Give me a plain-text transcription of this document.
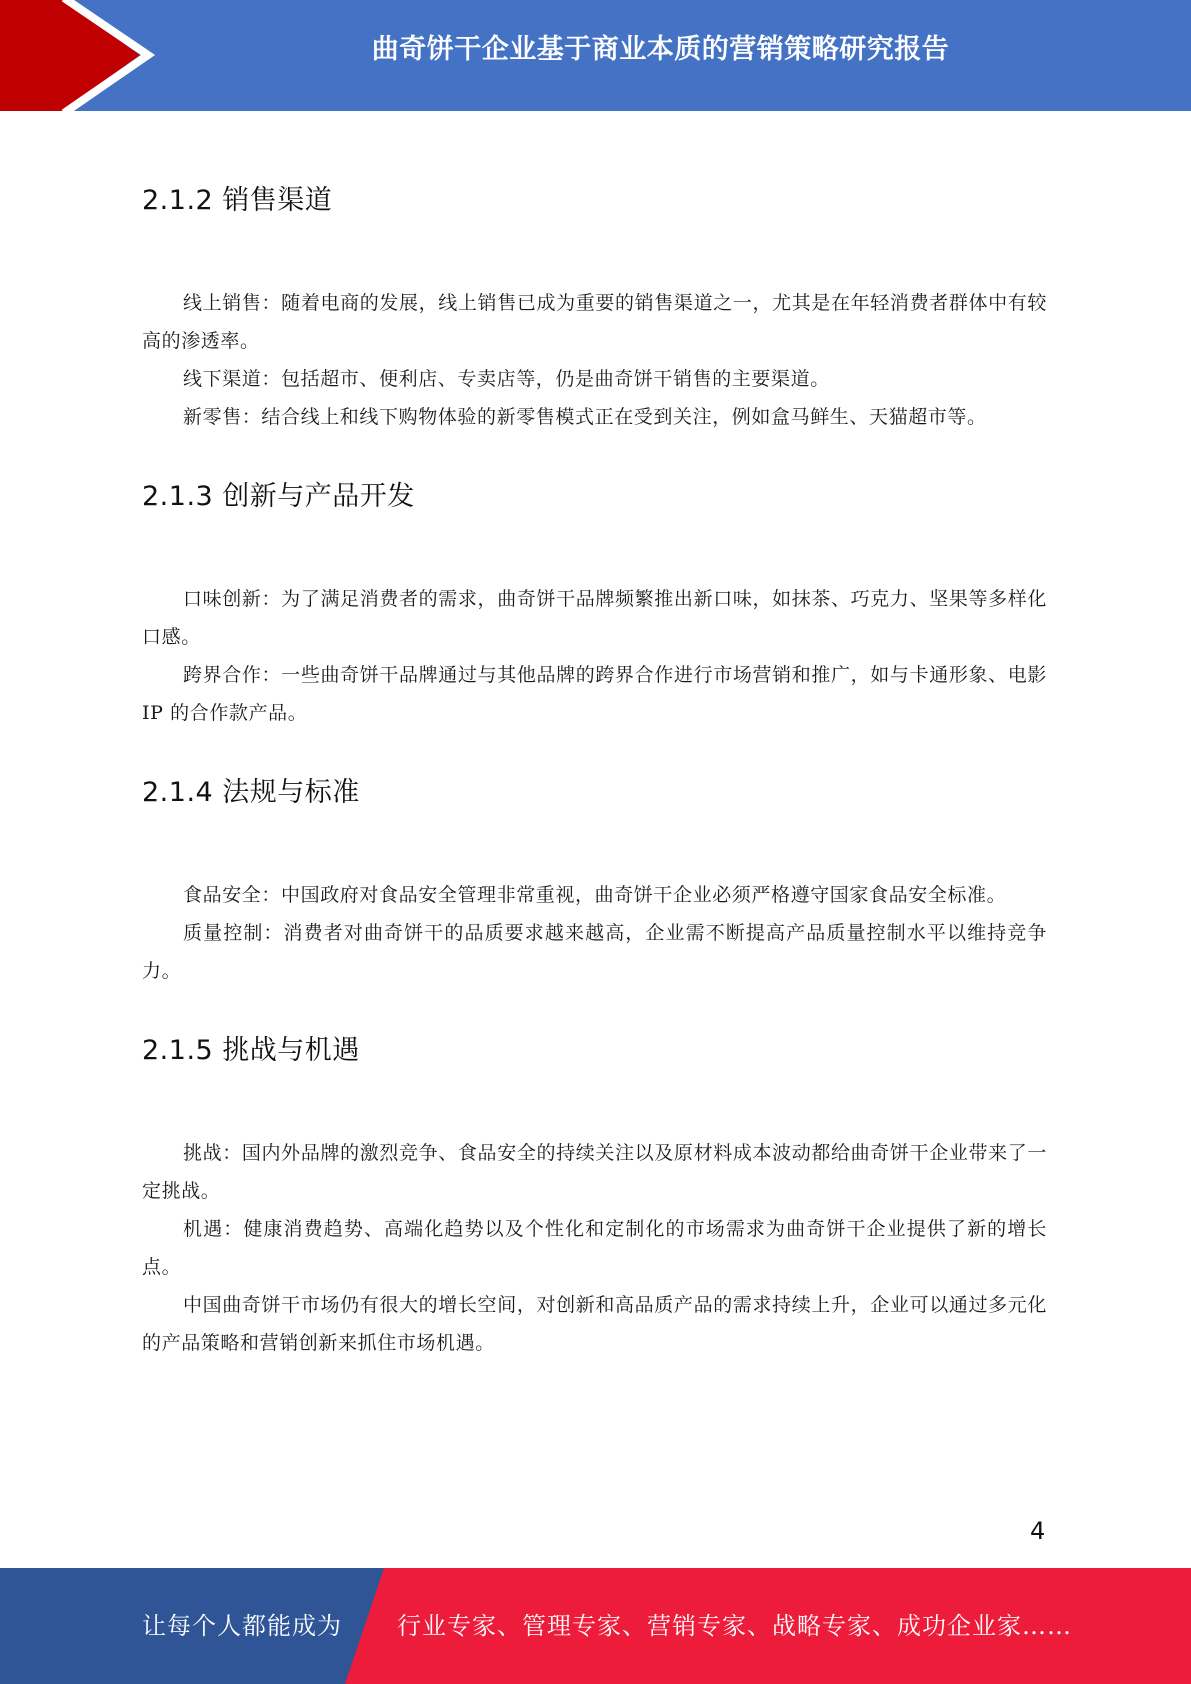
曲奇饼干企业基于商业本质的营销策略研究报告
2.1.2 销售渠道

线上销售：随着电商的发展，线上销售已成为重要的销售渠道之一，尤其是在年轻消费者群体中有较高的渗透率。

线下渠道：包括超市、便利店、专卖店等，仍是曲奇饼干销售的主要渠道。

新零售：结合线上和线下购物体验的新零售模式正在受到关注，例如盒马鲜生、天猫超市等。

2.1.3 创新与产品开发

口味创新：为了满足消费者的需求，曲奇饼干品牌频繁推出新口味，如抹茶、巧克力、坚果等多样化口感。

跨界合作：一些曲奇饼干品牌通过与其他品牌的跨界合作进行市场营销和推广，如与卡通形象、电影 IP 的合作款产品。

2.1.4 法规与标准

食品安全：中国政府对食品安全管理非常重视，曲奇饼干企业必须严格遵守国家食品安全标准。

质量控制：消费者对曲奇饼干的品质要求越来越高，企业需不断提高产品质量控制水平以维持竞争力。

2.1.5 挑战与机遇

挑战：国内外品牌的激烈竞争、食品安全的持续关注以及原材料成本波动都给曲奇饼干企业带来了一定挑战。

机遇：健康消费趋势、高端化趋势以及个性化和定制化的市场需求为曲奇饼干企业提供了新的增长点。

中国曲奇饼干市场仍有很大的增长空间，对创新和高品质产品的需求持续上升，企业可以通过多元化的产品策略和营销创新来抓住市场机遇。

4
让每个人都能成为 行业专家、管理专家、营销专家、战略专家、成功企业家……
